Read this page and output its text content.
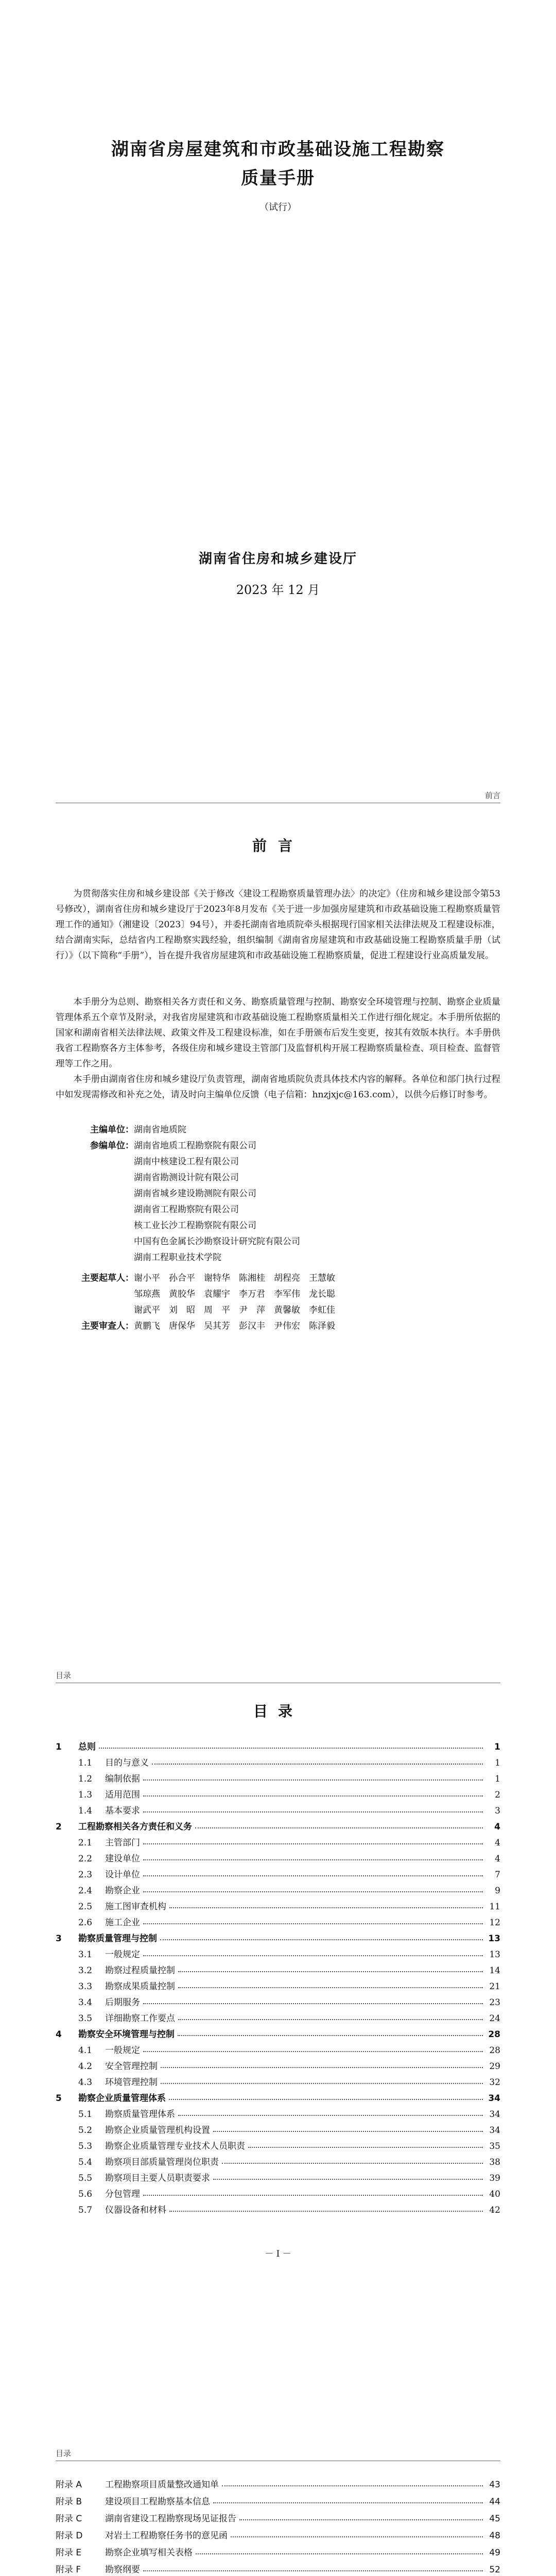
湖南省房屋建筑和市政基础设施工程勘察
质量手册
（试行）
湖南省住房和城乡建设厅
2023 年 12 月
前言
前言
为贯彻落实住房和城乡建设部《关于修改〈建设工程勘察质量管理办法〉的决定》（住房和城乡建设部令第53号修改），湖南省住房和城乡建设厅于2023年8月发布《关于进一步加强房屋建筑和市政基础设施工程勘察质量管理工作的通知》（湘建设〔2023〕94号），并委托湖南省地质院牵头根据现行国家相关法律法规及工程建设标准，结合湖南实际，总结省内工程勘察实践经验，组织编制《湖南省房屋建筑和市政基础设施工程勘察质量手册（试行）》（以下简称“手册”），旨在提升我省房屋建筑和市政基础设施工程勘察质量，促进工程建设行业高质量发展。
本手册分为总则、勘察相关各方责任和义务、勘察质量管理与控制、勘察安全环境管理与控制、勘察企业质量管理体系五个章节及附录，对我省房屋建筑和市政基础设施工程勘察质量相关工作进行细化规定。本手册所依据的国家和湖南省相关法律法规、政策文件及工程建设标准，如在手册颁布后发生变更，按其有效版本执行。本手册供我省工程勘察各方主体参考，各级住房和城乡建设主管部门及监督机构开展工程勘察质量检查、项目检查、监督管理等工作之用。
本手册由湖南省住房和城乡建设厅负责管理，湖南省地质院负责具体技术内容的解释。各单位和部门执行过程中如发现需修改和补充之处，请及时向主编单位反馈（电子信箱：hnzjxjc@163.com），以供今后修订时参考。
主编单位：湖南省地质院
参编单位： 湖南省地质工程勘察院有限公司
湖南中核建设工程有限公司
湖南省勘测设计院有限公司
湖南省城乡建设勘测院有限公司
湖南省工程勘察院有限公司
核工业长沙工程勘察院有限公司
中国有色金属长沙勘察设计研究院有限公司
湖南工程职业技术学院
主要起草人： 谢小平　孙合平　谢特华　陈湘桂　胡程亮　王慧敏
邹琼燕　黄胶华　袁耀宇　李万君　李军伟　龙长聪
谢武平　刘　昭　周　平　尹　萍　黄馨敏　李虹佳
主要审查人： 黄鹏飞　唐保华　吴其芳　彭汉丰　尹伟宏　陈泽毅
目录
目录
1	总则	1
1.1	目的与意义	1
1.2	编制依据	1
1.3	适用范围	2
1.4	基本要求	3
2	工程勘察相关各方责任和义务	4
2.1	主管部门	4
2.2	建设单位	4
2.3	设计单位	7
2.4	勘察企业	9
2.5	施工图审查机构	11
2.6	施工企业	12
3	勘察质量管理与控制	13
3.1	一般规定	13
3.2	勘察过程质量控制	14
3.3	勘察成果质量控制	21
3.4	后期服务	23
3.5	详细勘察工作要点	24
4	勘察安全环境管理与控制	28
4.1	一般规定	28
4.2	安全管理控制	29
4.3	环境管理控制	32
5	勘察企业质量管理体系	34
5.1	勘察质量管理体系	34
5.2	勘察企业质量管理机构设置	34
5.3	勘察企业质量管理专业技术人员职责	35
5.4	勘察项目部质量管理岗位职责	38
5.5	勘察项目主要人员职责要求	39
5.6	分包管理	40
5.7	仪器设备和材料	42
－ I －
目录
附录 A	工程勘察项目质量整改通知单	43
附录 B	建设项目工程勘察基本信息	44
附录 C	湖南省建设工程勘察现场见证报告	45
附录 D	对岩土工程勘察任务书的意见函	48
附录 E	勘察企业填写相关表格	49
附录 F	勘察纲要	52
